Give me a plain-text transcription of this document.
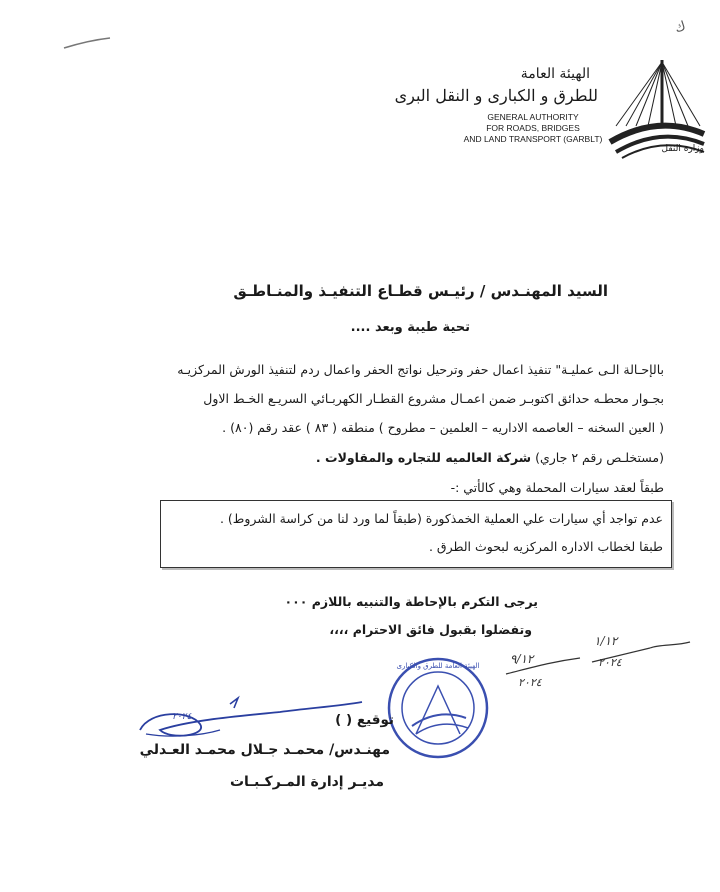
ك
الهيئة العامة
للطرق و الكبارى و النقل البرى
GENERAL AUTHORITY
FOR ROADS, BRIDGES
AND LAND TRANSPORT (GARBLT)
وزارة النقل
السيد المهنـدس / رئيـس قطـاع التنفيـذ والمنـاطـق
تحية طيبة وبعد ....
بالإحـالة الـى عمليـة" تنفيذ اعمال حفر وترحيل نواتج الحفر واعمال ردم لتنفيذ الورش المركزيـه
بجـوار محطـه حدائق اكتوبـر ضمن اعمـال مشروع القطـار الكهربـائي السريـع الخـط الاول
( العين السخنه – العاصمه الاداريه – العلمين – مطروح ) منطقه ( ٨٣ ) عقد رقم (٨٠) .
(مستخلـص رقم ٢ جاري) شركة العالميه للتجاره والمقاولات .
طبقاً لعقد سيارات المحملة وهي كالأتي :-
عدم تواجد أي سيارات علي العملية الخمذكورة (طبقاً لما ورد لنا من كراسة الشروط) .
طبقا لخطاب الاداره المركزيه لبحوث الطرق .
يرجى التكرم بالإحاطة والتنبيه باللازم ٠٠٠
وتفضلوا بقبول فائق الاحترام ،،،،
الهيئة العامة للطرق والكبارى
٢٠٢٤
٩/١٢
٢٠٢٤
١/١٢
٢٠٢٤
توقيع ( )
مهنـدس/ محمـد جـلال محمـد العـدلي
مديـر إدارة المـركـبـات
